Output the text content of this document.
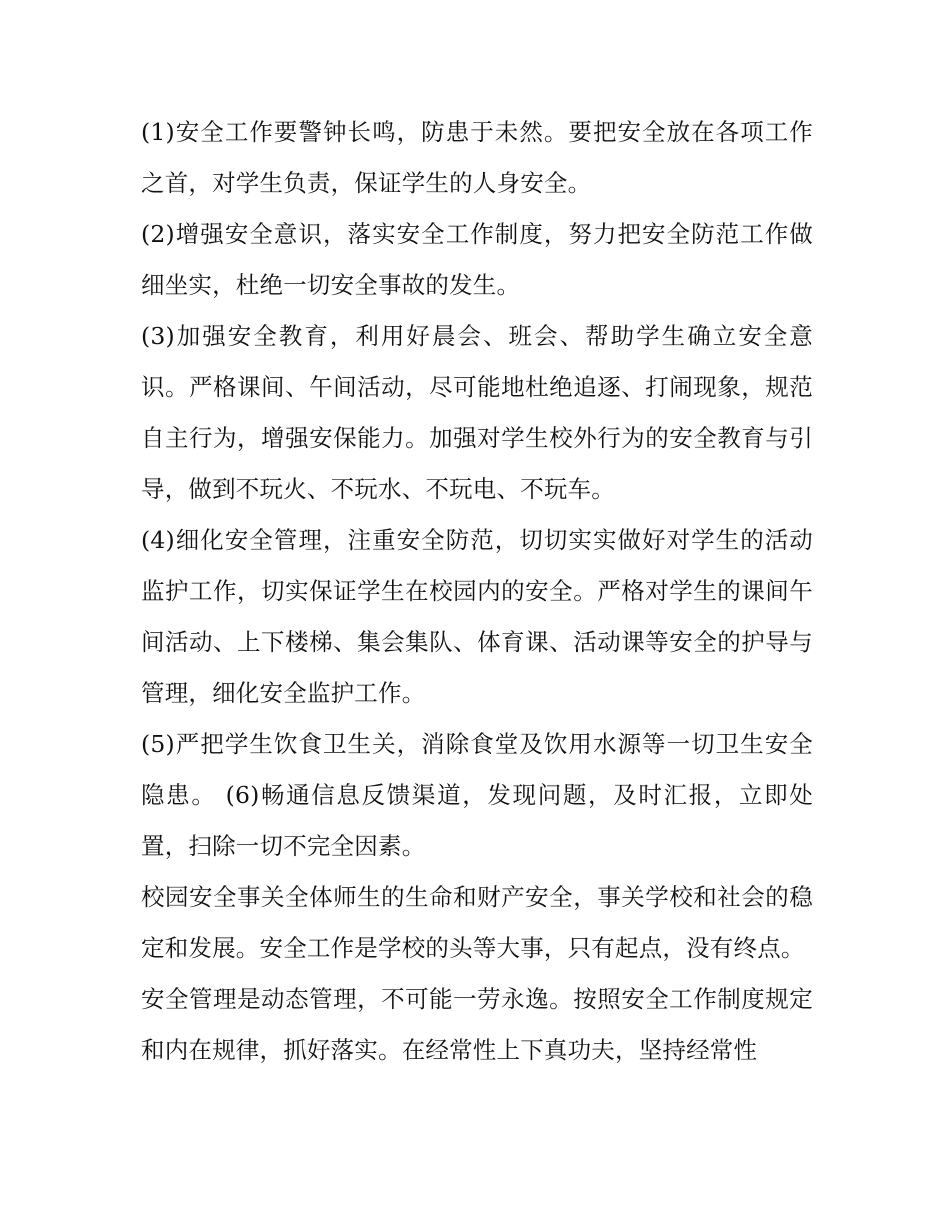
(1)安全工作要警钟长鸣，防患于未然。要把安全放在各项工作之首，对学生负责，保证学生的人身安全。

(2)增强安全意识，落实安全工作制度，努力把安全防范工作做细坐实，杜绝一切安全事故的发生。

(3)加强安全教育，利用好晨会、班会、帮助学生确立安全意识。严格课间、午间活动，尽可能地杜绝追逐、打闹现象，规范自主行为，增强安保能力。加强对学生校外行为的安全教育与引导，做到不玩火、不玩水、不玩电、不玩车。

(4)细化安全管理，注重安全防范，切切实实做好对学生的活动监护工作，切实保证学生在校园内的安全。严格对学生的课间午间活动、上下楼梯、集会集队、体育课、活动课等安全的护导与管理，细化安全监护工作。

(5)严把学生饮食卫生关，消除食堂及饮用水源等一切卫生安全隐患。 (6)畅通信息反馈渠道，发现问题，及时汇报，立即处置，扫除一切不完全因素。

校园安全事关全体师生的生命和财产安全，事关学校和社会的稳定和发展。安全工作是学校的头等大事，只有起点，没有终点。

安全管理是动态管理，不可能一劳永逸。按照安全工作制度规定和内在规律，抓好落实。在经常性上下真功夫，坚持经常性
